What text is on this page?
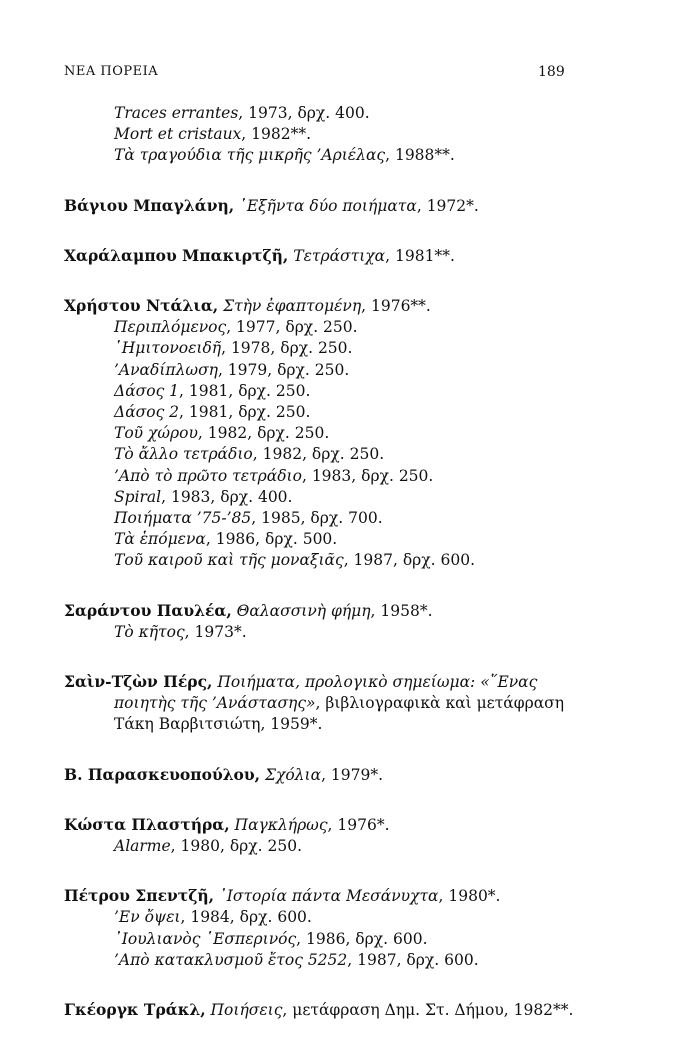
ΝΕΑ ΠΟΡΕΙΑ	189
Traces errantes, 1973, δρχ. 400.
Mort et cristaux, 1982**.
Τὰ τραγούδια τῆς μικρῆς ’Αριέλας, 1988**.
Βάγιου Μπαγλάνη, ῾Εξῆντα δύο ποιήματα, 1972*.
Χαράλαμπου Μπακιρτζῆ, Τετράστιχα, 1981**.
Χρήστου Ντάλια, Στὴν ἐφαπτομένη, 1976**.
Περιπλόμενος, 1977, δρχ. 250.
῾Ημιτονοειδῆ, 1978, δρχ. 250.
’Αναδίπλωση, 1979, δρχ. 250.
Δάσος 1, 1981, δρχ. 250.
Δάσος 2, 1981, δρχ. 250.
Τοῦ χώρου, 1982, δρχ. 250.
Τὸ ἄλλο τετράδιο, 1982, δρχ. 250.
’Απὸ τὸ πρῶτο τετράδιο, 1983, δρχ. 250.
Spiral, 1983, δρχ. 400.
Ποιήματα ’75-’85, 1985, δρχ. 700.
Τὰ ἑπόμενα, 1986, δρχ. 500.
Τοῦ καιροῦ καὶ τῆς μοναξιᾶς, 1987, δρχ. 600.
Σαράντου Παυλέα, Θαλασσινὴ φήμη, 1958*.
Τὸ κῆτος, 1973*.
Σαὶν-Τζὼν Πέρς, Ποιήματα, προλογικὸ σημείωμα: «῞Ενας ποιητὴς τῆς ’Ανάστασης», βιβλιογραφικὰ καὶ μετάφραση Τάκη Βαρβιτσιώτη, 1959*.
Β. Παρασκευοπούλου, Σχόλια, 1979*.
Κώστα Πλαστήρα, Παγκλήρως, 1976*.
Alarme, 1980, δρχ. 250.
Πέτρου Σπεντζῆ, ᾿Ιστορία πάντα Μεσάνυχτα, 1980*.
’Εν ὄψει, 1984, δρχ. 600.
᾿Ιουλιανὸς ῾Εσπερινός, 1986, δρχ. 600.
’Απὸ κατακλυσμοῦ ἔτος 5252, 1987, δρχ. 600.
Γκέοργκ Τράκλ, Ποιήσεις, μετάφραση Δημ. Στ. Δήμου, 1982**.
